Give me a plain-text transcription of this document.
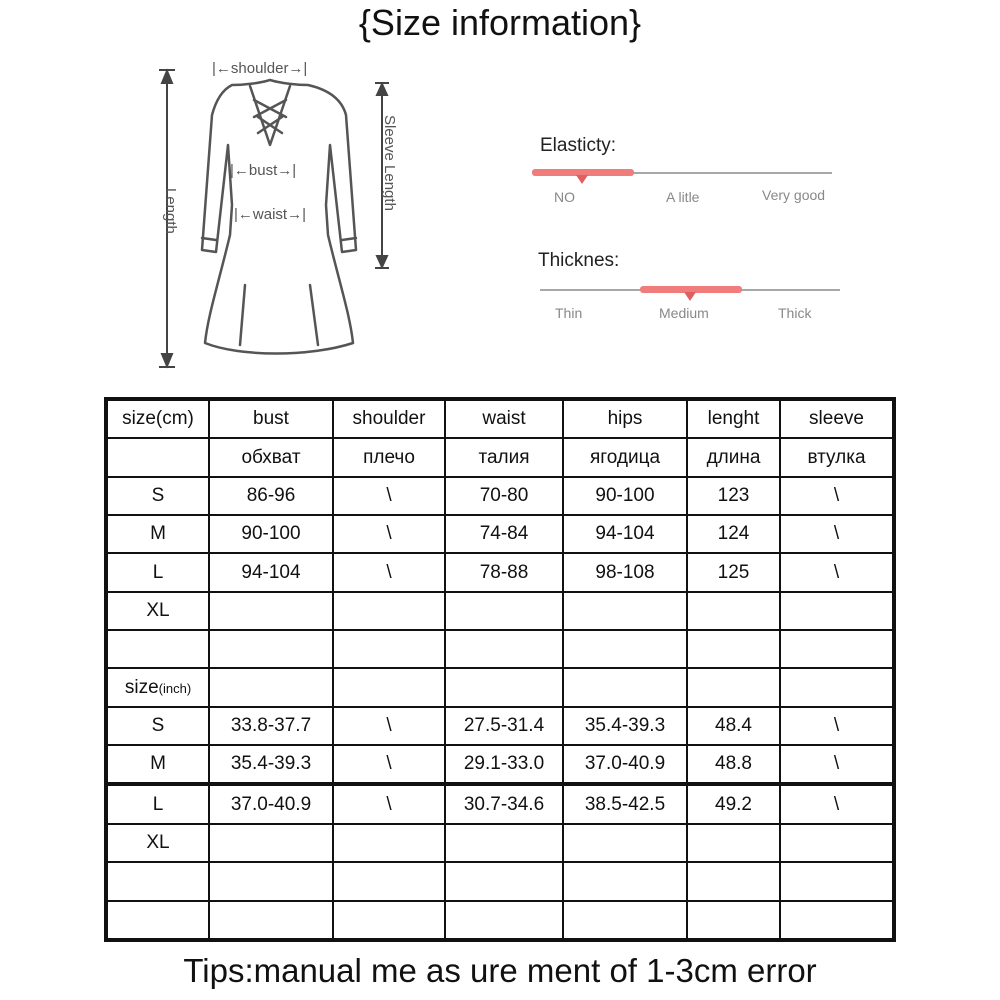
{Size information}
|←shoulder→|
|←bust→|
|←waist→|
Length
Sleeve Length	Elasticty:
NO	A litle	Very good
Thicknes:
Thin	Medium	Thick
size(cm)	bust	shoulder	waist	hips	lenght	sleeve
	обхват	плечо	талия	ягодица	длина	втулка
S	86-96	\	70-80	90-100	123	\
M	90-100	\	74-84	94-104	124	\
L	94-104	\	78-88	98-108	125	\
XL						

size(inch)						
S	33.8-37.7	\	27.5-31.4	35.4-39.3	48.4	\
M	35.4-39.3	\	29.1-33.0	37.0-40.9	48.8	\
L	37.0-40.9	\	30.7-34.6	38.5-42.5	49.2	\
XL						

Tips:manual me as ure ment of 1-3cm error
